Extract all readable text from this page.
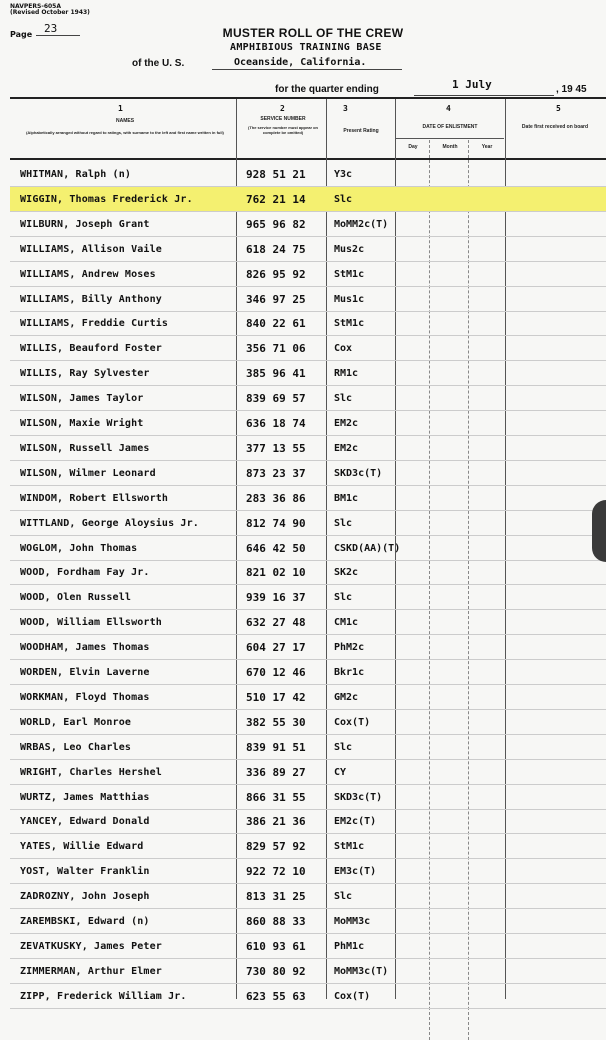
NAVPERS-605A
(Revised October 1943)
Page 23	MUSTER ROLL OF THE CREW
AMPHIBIOUS TRAINING BASE
of the U. S.	Oceanside, California.
for the quarter ending	1 July	, 19 45
1	2	3	4	5
NAMES
(Alphabetically arranged without regard to ratings, with surname to the left and first name written in full)
SERVICE NUMBER
(The service number must appear on complete be omitted)	Present Rating
DATE OF ENLISTMENT
Day	Month	Year
Date first received on board
WHITMAN, Ralph (n)	928 51 21	Y3c
WIGGIN, Thomas Frederick Jr.	762 21 14	Slc
WILBURN, Joseph Grant	965 96 82	MoMM2c(T)
WILLIAMS, Allison Vaile	618 24 75	Mus2c
WILLIAMS, Andrew Moses	826 95 92	StM1c
WILLIAMS, Billy Anthony	346 97 25	Mus1c
WILLIAMS, Freddie Curtis	840 22 61	StM1c
WILLIS, Beauford Foster	356 71 06	Cox
WILLIS, Ray Sylvester	385 96 41	RM1c
WILSON, James Taylor	839 69 57	Slc
WILSON, Maxie Wright	636 18 74	EM2c
WILSON, Russell James	377 13 55	EM2c
WILSON, Wilmer Leonard	873 23 37	SKD3c(T)
WINDOM, Robert Ellsworth	283 36 86	BM1c
WITTLAND, George Aloysius Jr.	812 74 90	Slc
WOGLOM, John Thomas	646 42 50	CSKD(AA)(T)
WOOD, Fordham Fay Jr.	821 02 10	SK2c
WOOD, Olen Russell	939 16 37	Slc
WOOD, William Ellsworth	632 27 48	CM1c
WOODHAM, James Thomas	604 27 17	PhM2c
WORDEN, Elvin Laverne	670 12 46	Bkr1c
WORKMAN, Floyd Thomas	510 17 42	GM2c
WORLD, Earl Monroe	382 55 30	Cox(T)
WRBAS, Leo Charles	839 91 51	Slc
WRIGHT, Charles Hershel	336 89 27	CY
WURTZ, James Matthias	866 31 55	SKD3c(T)
YANCEY, Edward Donald	386 21 36	EM2c(T)
YATES, Willie Edward	829 57 92	StM1c
YOST, Walter Franklin	922 72 10	EM3c(T)
ZADROZNY, John Joseph	813 31 25	Slc
ZAREMBSKI, Edward (n)	860 88 33	MoMM3c
ZEVATKUSKY, James Peter	610 93 61	PhM1c
ZIMMERMAN, Arthur Elmer	730 80 92	MoMM3c(T)
ZIPP, Frederick William Jr.	623 55 63	Cox(T)
